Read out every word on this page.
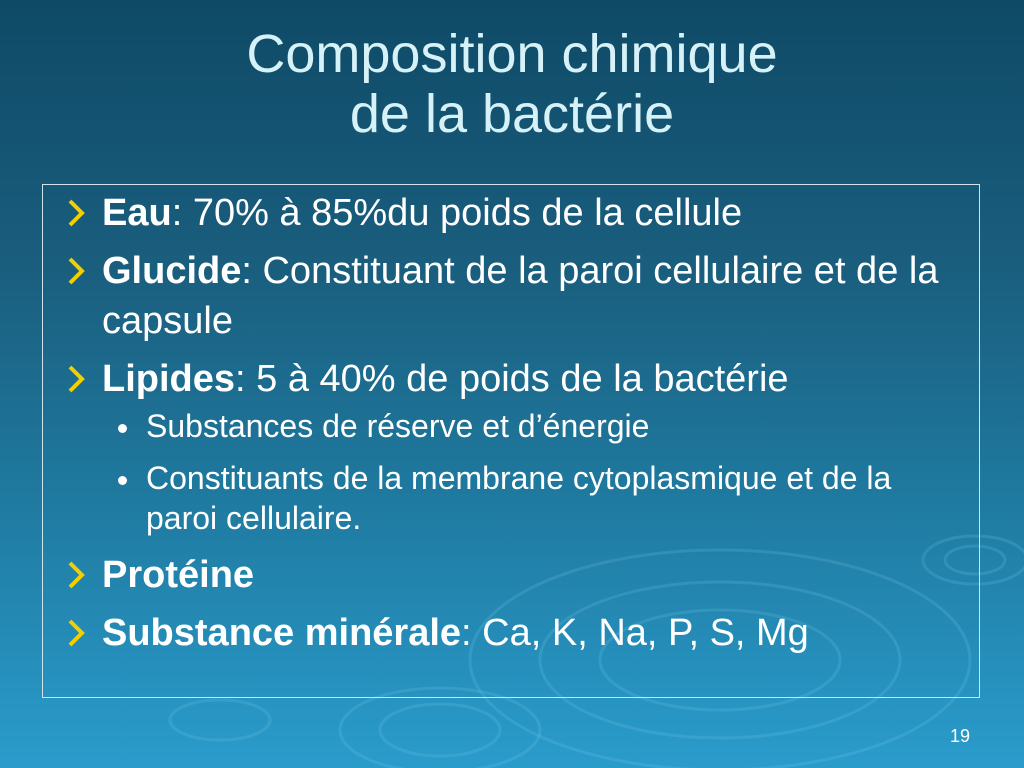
Composition chimique
de la bactérie
Eau: 70% à 85%du poids de la cellule
Glucide: Constituant de la paroi cellulaire et de la capsule
Lipides: 5 à 40% de poids de la bactérie
Substances de réserve et d’énergie
Constituants de la membrane cytoplasmique et de la paroi cellulaire.
Protéine
Substance minérale: Ca, K, Na, P, S, Mg
19
